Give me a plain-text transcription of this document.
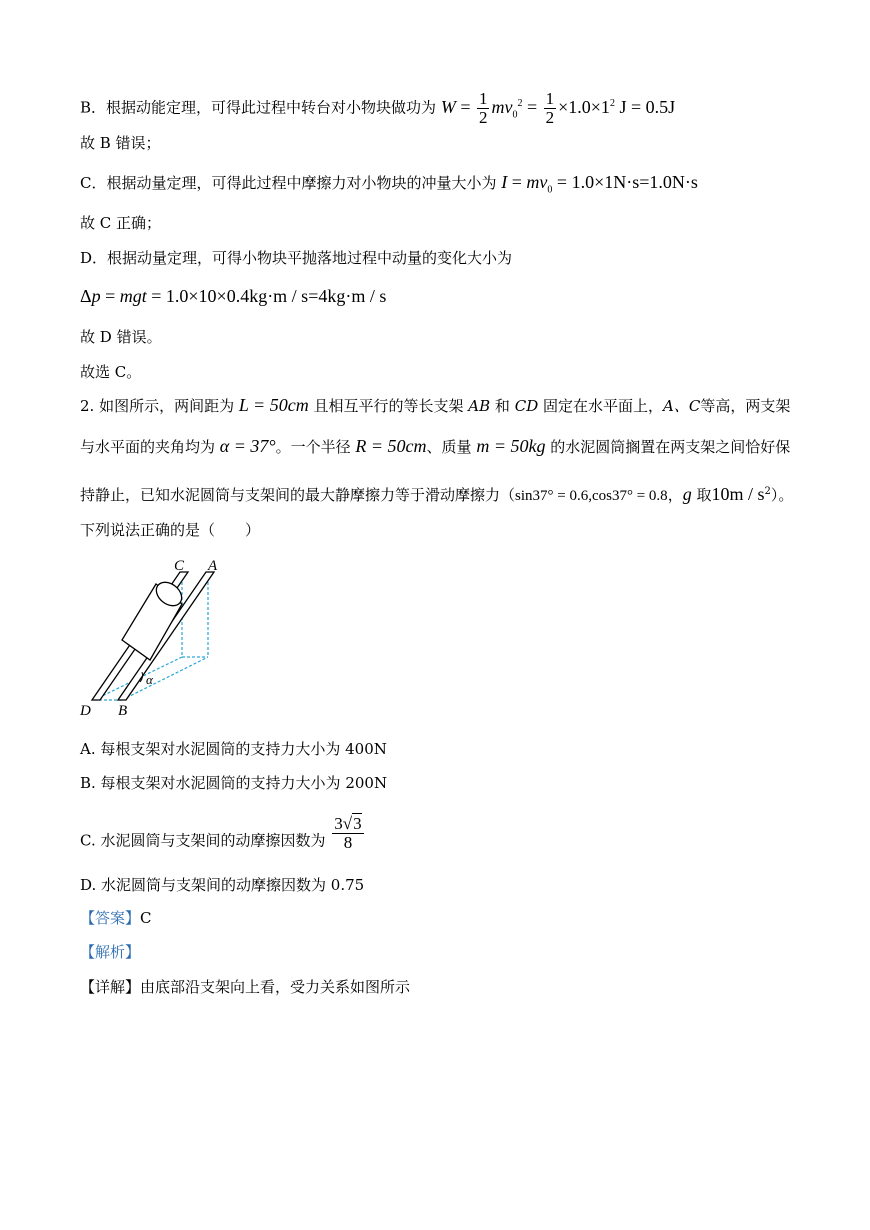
B．根据动能定理，可得此过程中转台对小物块做功为 $W = \frac{1}{2} mv_0^2 = \frac{1}{2} \times 1.0\times 1^2$ J = 0.5J
故 B 错误；
C．根据动量定理，可得此过程中摩擦力对小物块的冲量大小为 $I = mv_0 = 1.0\times 1N\cdot s=1.0N\cdot s$
故 C 正确；
D．根据动量定理，可得小物块平抛落地过程中动量的变化大小为
Δp = mgt = 1.0×10×0.4kg·m / s=4kg·m / s
故 D 错误。
故选 C。
2. 如图所示，两间距为 L = 50cm 且相互平行的等长支架 AB 和 CD 固定在水平面上，A、C等高，两支架
与水平面的夹角均为 α = 37°。一个半径 R = 50cm、质量 m = 50kg 的水泥圆筒搁置在两支架之间恰好保
持静止，已知水泥圆筒与支架间的最大静摩擦力等于滑动摩擦力（sin37° = 0.6,cos37° = 0.8，g 取$10m / s^2$）。
下列说法正确的是（　　）
C A
D B
α
A. 每根支架对水泥圆筒的支持力大小为 400N
B. 每根支架对水泥圆筒的支持力大小为 200N
C. 水泥圆筒与支架间的动摩擦因数为 $\frac{3√3}{8}$
D. 水泥圆筒与支架间的动摩擦因数为 0.75
【答案】C
【解析】
【详解】由底部沿支架向上看，受力关系如图所示
